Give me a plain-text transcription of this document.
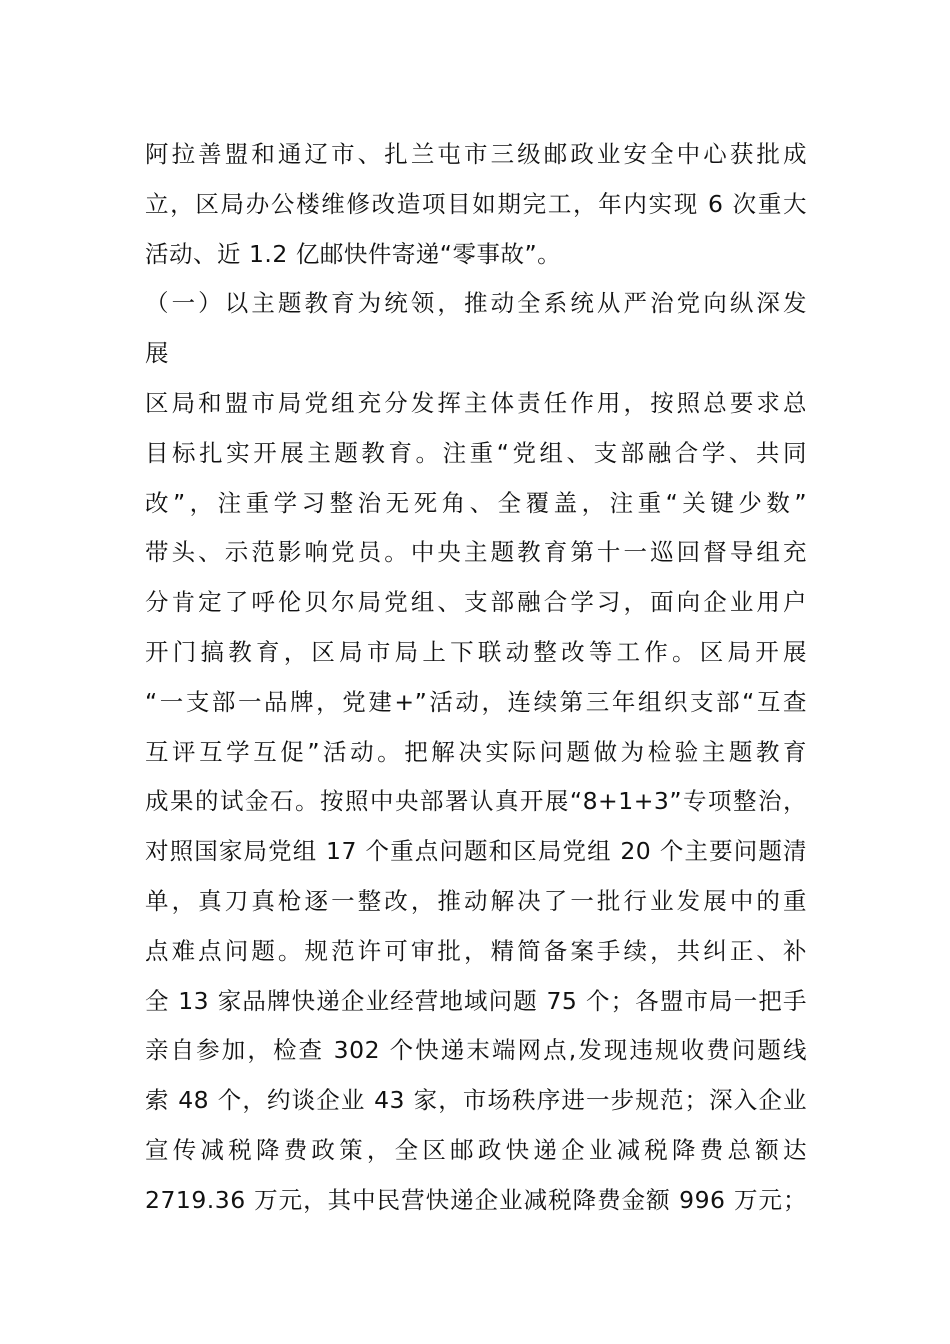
阿拉善盟和通辽市、扎兰屯市三级邮政业安全中心获批成
立，区局办公楼维修改造项目如期完工，年内实现 6 次重大
活动、近 1.2 亿邮快件寄递“零事故”。
（一）以主题教育为统领，推动全系统从严治党向纵深发
展
区局和盟市局党组充分发挥主体责任作用，按照总要求总
目标扎实开展主题教育。注重“党组、支部融合学、共同
改”，注重学习整治无死角、全覆盖，注重“关键少数”
带头、示范影响党员。中央主题教育第十一巡回督导组充
分肯定了呼伦贝尔局党组、支部融合学习，面向企业用户
开门搞教育，区局市局上下联动整改等工作。区局开展
“一支部一品牌，党建+”活动，连续第三年组织支部“互查
互评互学互促”活动。把解决实际问题做为检验主题教育
成果的试金石。按照中央部署认真开展“8+1+3”专项整治，
对照国家局党组 17 个重点问题和区局党组 20 个主要问题清
单，真刀真枪逐一整改，推动解决了一批行业发展中的重
点难点问题。规范许可审批，精简备案手续，共纠正、补
全 13 家品牌快递企业经营地域问题 75 个；各盟市局一把手
亲自参加，检查 302 个快递末端网点,发现违规收费问题线
索 48 个，约谈企业 43 家，市场秩序进一步规范；深入企业
宣传减税降费政策，全区邮政快递企业减税降费总额达
2719.36 万元，其中民营快递企业减税降费金额 996 万元；
